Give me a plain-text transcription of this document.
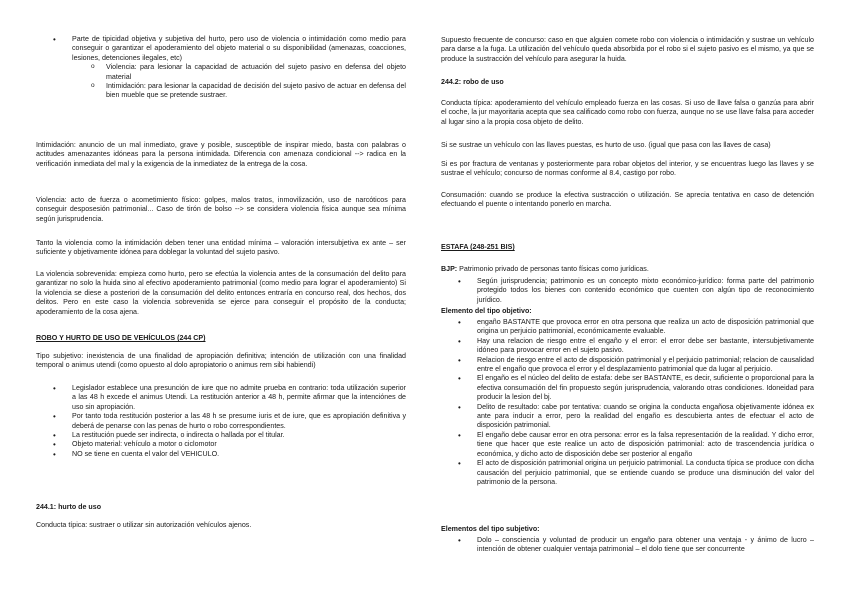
• Parte de tipicidad objetiva y subjetiva del hurto, pero uso de violencia o intimidación como medio para conseguir o garantizar el apoderamiento del objeto material o su disponibilidad (amenazas, coacciones, lesiones, detenciones ilegales, etc)
o Violencia: para lesionar la capacidad de actuación del sujeto pasivo en defensa del objeto material
o Intimidación: para lesionar la capacidad de decisión del sujeto pasivo de actuar en defensa del bien mueble que se pretende sustraer.

Intimidación: anuncio de un mal inmediato, grave y posible, susceptible de inspirar miedo, basta con palabras o actitudes amenazantes idóneas para la persona intimidada. Diferencia con amenaza condicional --> radica en la verificación inmediata del mal y la exigencia de la inmediatez de la entrega de la cosa.

Violencia: acto de fuerza o acometimiento físico: golpes, malos tratos, inmovilización, uso de narcóticos para conseguir desposesión patrimonial... Caso de tirón de bolso --> se considera violencia física aunque sea mínima según jurisprudencia.

Tanto la violencia como la intimidación deben tener una entidad mínima – valoración intersubjetiva ex ante – ser suficiente y objetivamente idónea para doblegar la voluntad del sujeto pasivo.

La violencia sobrevenida: empieza como hurto, pero se efectúa la violencia antes de la consumación del delito para garantizar no solo la huida sino al efectivo apoderamiento patrimonial (como medio para lograr el apoderamiento) Si la violencia se diese a posteriori de la consumación del delito entonces entraría en concurso real, dos hechos, dos delitos. Pero en este caso la violencia sobrevenida se ejerce para conseguir el propósito de la conducta; apoderamiento de la cosa ajena.

ROBO Y HURTO DE USO DE VEHÍCULOS (244 CP)

Tipo subjetivo: inexistencia de una finalidad de apropiación definitiva; intención de utilización con una finalidad temporal o animus utendi (como opuesto al dolo apropiatorio o animus rem sibi habiendi)

• Legislador establece una presunción de iure que no admite prueba en contrario: toda utilización superior a las 48 h excede el animus Utendi. La restitución anterior a 48 h, permite afirmar que la intenciónes de uso sin apropiación.
• Por tanto toda restitución posterior a las 48 h se presume iuris et de iure, que es apropiación definitiva y deberá de penarse con las penas de hurto o robo correspondientes.
• La restitución puede ser indirecta, o indirecta o hallada por el titular.
• Objeto material: vehículo a motor o ciclomotor
• NO se tiene en cuenta el valor del VEHICULO.
244.1: hurto de uso

Conducta típica: sustraer o utilizar sin autorización vehículos ajenos.

Supuesto frecuente de concurso: caso en que alguien comete robo con violencia o intimidación y sustrae un vehículo para darse a la fuga. La utilización del vehículo queda absorbida por el robo si el sujeto pasivo es el mismo, ya que se produce la sustracción del vehículo para asegurar la huida.

244.2: robo de uso

Conducta típica: apoderamiento del vehículo empleado fuerza en las cosas. Si uso de llave falsa o ganzúa para abrir el coche, la jur mayoritaria acepta que sea calificado como robo con fuerza, aunque no se use llave falsa para acceder al lugar sino a la propia cosa objeto de delito.

Si se sustrae un vehículo con las llaves puestas, es hurto de uso. (igual que pasa con las llaves de casa)

Si es por fractura de ventanas y posteriormente para robar objetos del interior, y se encuentras luego las llaves y se sustrae el vehículo; concurso de normas conforme al 8.4, castigo por robo.

Consumación: cuando se produce la efectiva sustracción o utilización. Se aprecia tentativa en caso de detención efectuando el puente o intentando ponerlo en marcha.

ESTAFA (248-251 BIS)

BJP: Patrimonio privado de personas tanto físicas como jurídicas.

• Según jurisprudencia; patrimonio es un concepto mixto económico-jurídico: forma parte del patrimonio protegido todos los bienes con contenido económico que cuenten con algún tipo de reconocimiento jurídico.
Elemento del tipo objetivo:
• engaño BASTANTE que provoca error en otra persona que realiza un acto de disposición patrimonial que origina un perjuicio patrimonial, económicamente evaluable.
• Hay una relacion de riesgo entre el engaño y el error: el error debe ser bastante, intersubjetivamente idóneo para provocar error en el sujeto pasivo.
• Relacion de riesgo entre el acto de disposición patrimonial y el perjuicio patrimonial; relacion de causalidad entre el engaño que provoca el error y el desplazamiento patrimonial que da lugar al perjuicio.
• El engaño es el núcleo del delito de estafa: debe ser BASTANTE, es decir, suficiente o proporcional para la efectiva consumación del fin propuesto según jurisprudencia, valorando otras condiciones. Idoneidad para producir la lesion del bj.
• Delito de resultado: cabe por tentativa: cuando se origina la conducta engañosa objetivamente idónea ex ante para inducir a error, pero la realidad del engaño es descubierta antes de efectuar el acto de disposición patrimonial.
• El engaño debe causar error en otra persona: error es la falsa representación de la realidad. Y dicho error, tiene que hacer que este realice un acto de disposición patrimonial: acto de trascendencia jurídica o económica, y dicho acto de disposición debe ser posterior al engaño
• El acto de disposición patrimonial origina un perjuicio patrimonial. La conducta típica se produce con dicha causación del perjuicio patrimonial, que se entiende cuando se produce una disminución del valor del patrimonio de la persona.
Elementos del tipo subjetivo:
• Dolo – consciencia y voluntad de producir un engaño para obtener una ventaja - y ánimo de lucro – intención de obtener cualquier ventaja patrimonial – el dolo tiene que ser concurrente
